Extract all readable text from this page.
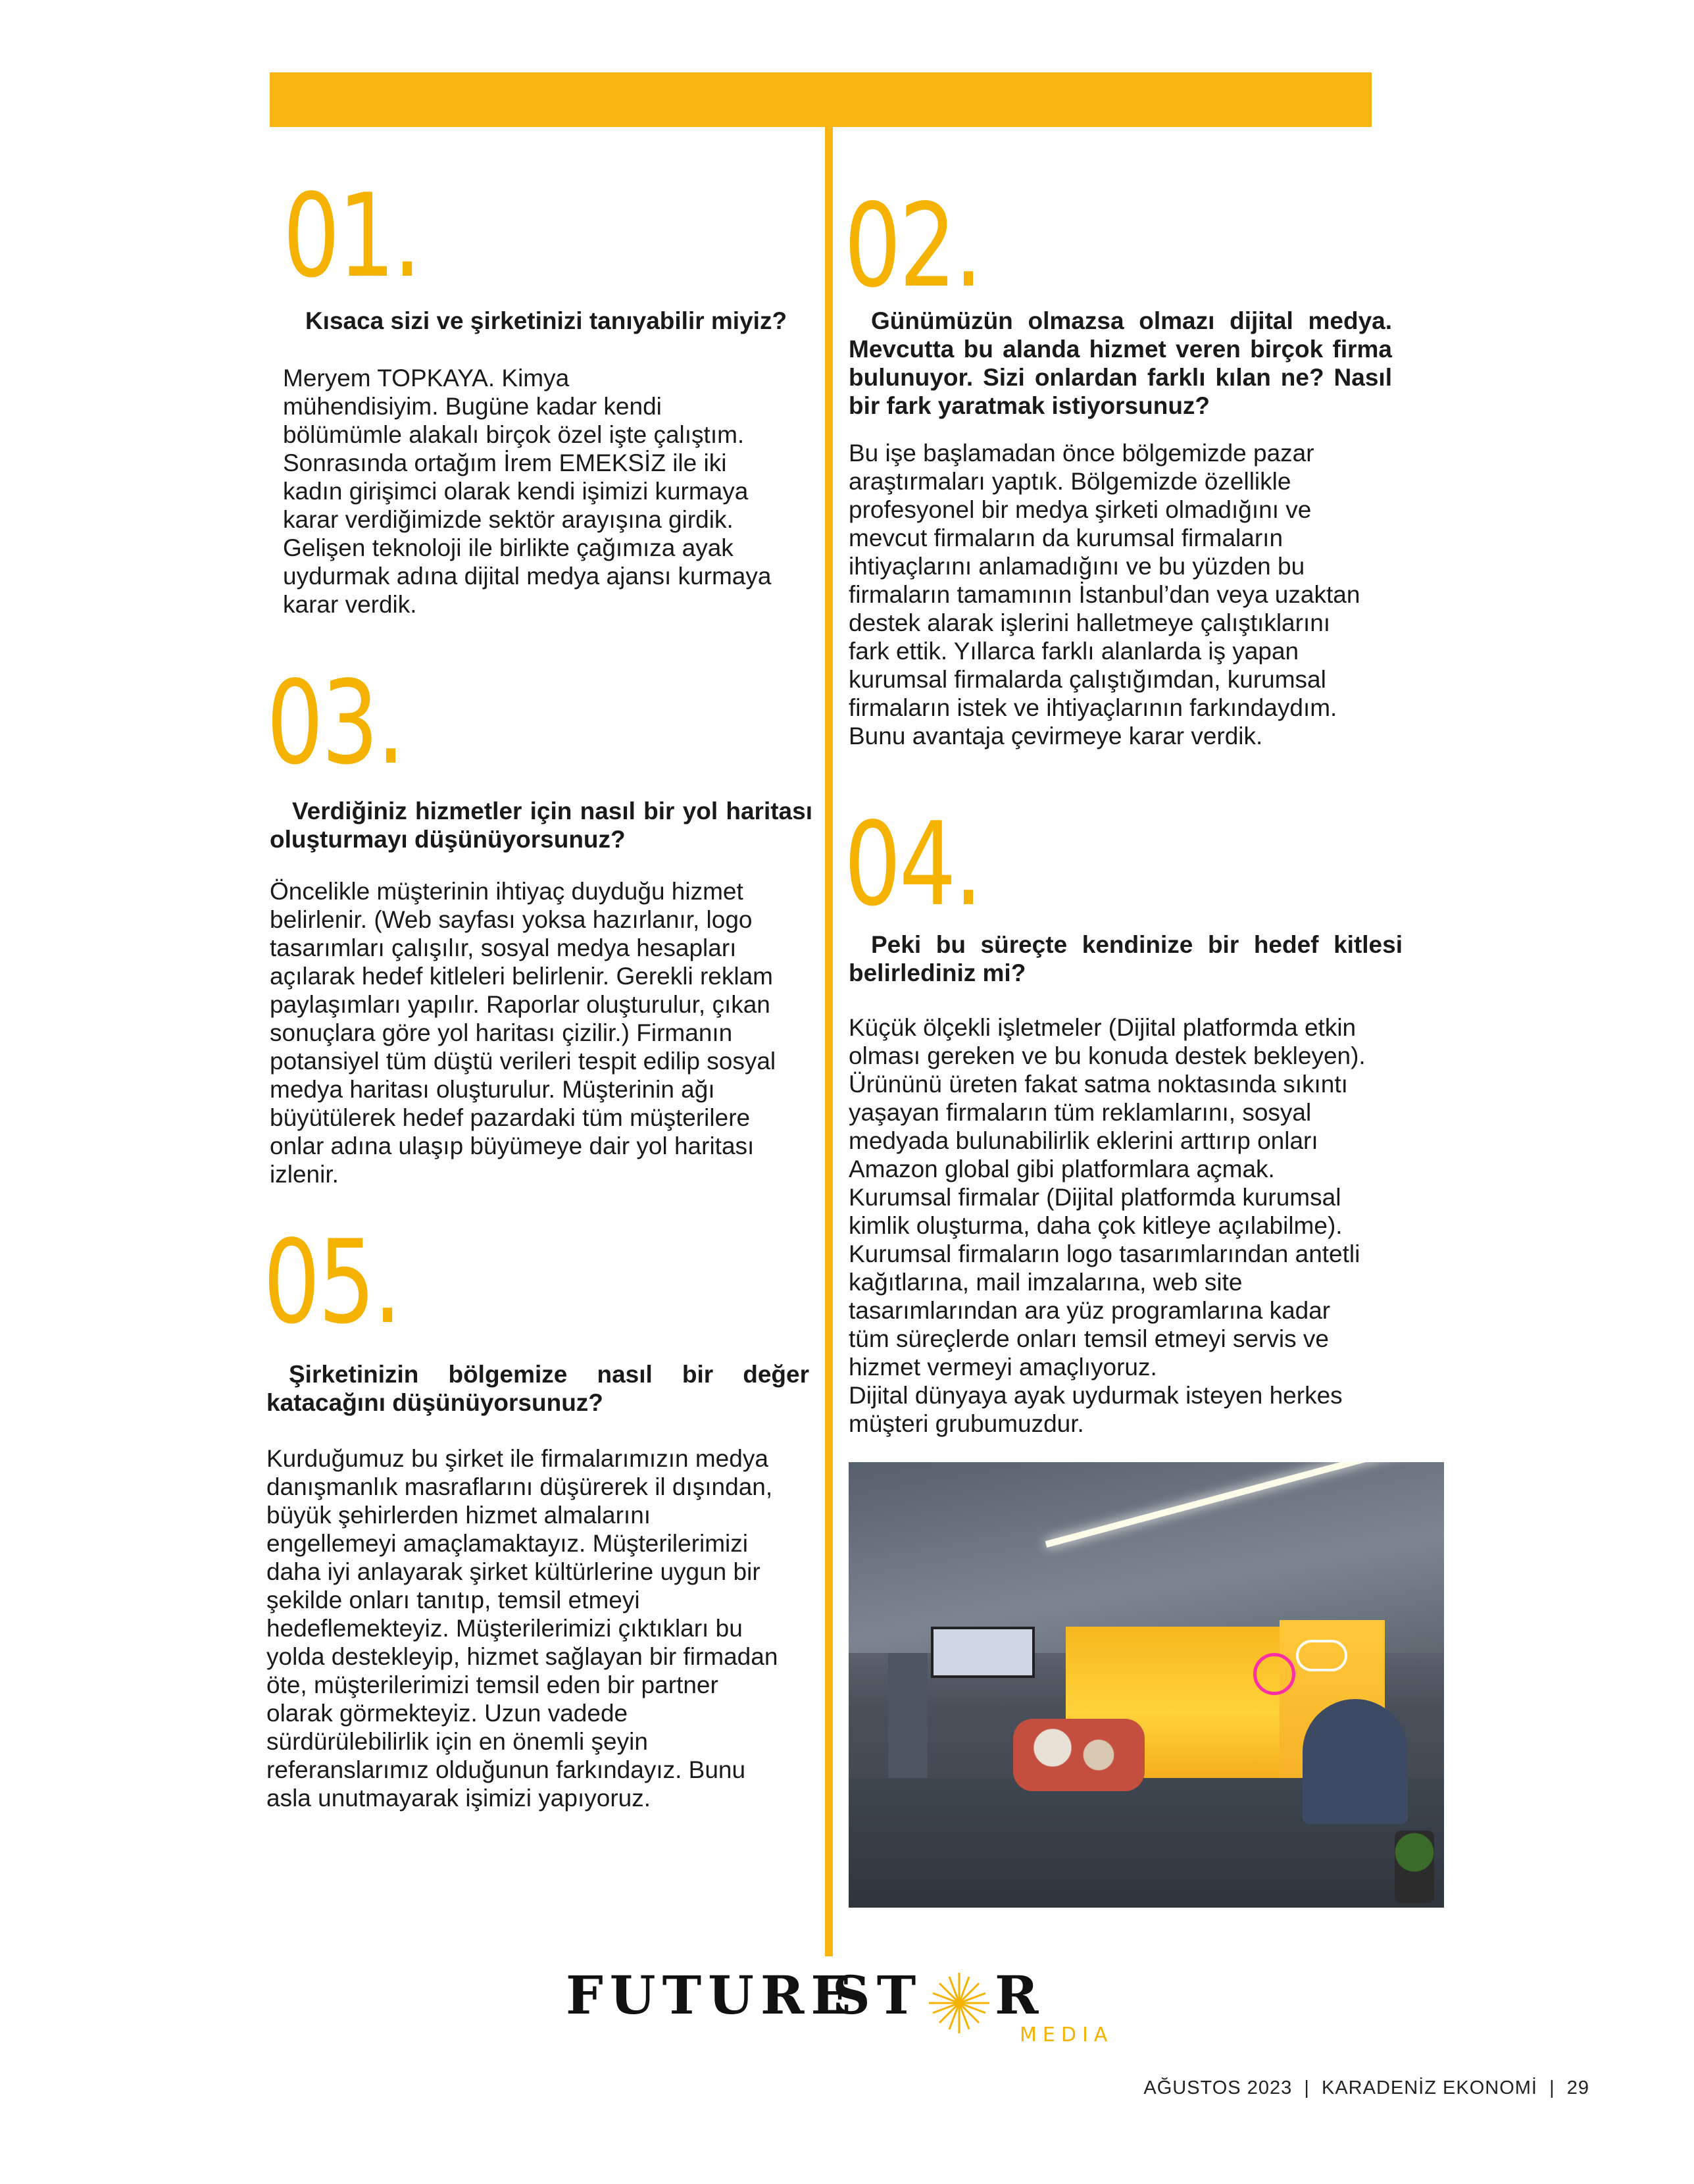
01.

Kısaca sizi ve şirketinizi tanıyabilir miyiz?

Meryem TOPKAYA. Kimya
mühendisiyim. Bugüne kadar kendi
bölümümle alakalı birçok özel işte çalıştım.
Sonrasında ortağım İrem EMEKSİZ ile iki
kadın girişimci olarak kendi işimizi kurmaya
karar verdiğimizde sektör arayışına girdik.
Gelişen teknoloji ile birlikte çağımıza ayak
uydurmak adına dijital medya ajansı kurmaya
karar verdik.

02.

Günümüzün olmazsa olmazı dijital medya. Mevcutta bu alanda hizmet veren birçok firma bulunuyor. Sizi onlardan farklı kılan ne? Nasıl bir fark yaratmak istiyorsunuz?

Bu işe başlamadan önce bölgemizde pazar
araştırmaları yaptık. Bölgemizde özellikle
profesyonel bir medya şirketi olmadığını ve
mevcut firmaların da kurumsal firmaların
ihtiyaçlarını anlamadığını ve bu yüzden bu
firmaların tamamının İstanbul’dan veya uzaktan
destek alarak işlerini halletmeye çalıştıklarını
fark ettik. Yıllarca farklı alanlarda iş yapan
kurumsal firmalarda çalıştığımdan, kurumsal
firmaların istek ve ihtiyaçlarının farkındaydım.
Bunu avantaja çevirmeye karar verdik.

03.

Verdiğiniz hizmetler için nasıl bir yol haritası oluşturmayı düşünüyorsunuz?

Öncelikle müşterinin ihtiyaç duyduğu hizmet
belirlenir. (Web sayfası yoksa hazırlanır, logo
tasarımları çalışılır, sosyal medya hesapları
açılarak hedef kitleleri belirlenir. Gerekli reklam
paylaşımları yapılır. Raporlar oluşturulur, çıkan
sonuçlara göre yol haritası çizilir.) Firmanın
potansiyel tüm düştü verileri tespit edilip sosyal
medya haritası oluşturulur. Müşterinin ağı
büyütülerek hedef pazardaki tüm müşterilere
onlar adına ulaşıp büyümeye dair yol haritası
izlenir.

04.

Peki bu süreçte kendinize bir hedef kitlesi belirlediniz mi?

Küçük ölçekli işletmeler (Dijital platformda etkin
olması gereken ve bu konuda destek bekleyen).
Ürününü üreten fakat satma noktasında sıkıntı
yaşayan firmaların tüm reklamlarını, sosyal
medyada bulunabilirlik eklerini arttırıp onları
Amazon global gibi platformlara açmak.
Kurumsal firmalar (Dijital platformda kurumsal
kimlik oluşturma, daha çok kitleye açılabilme).
Kurumsal firmaların logo tasarımlarından antetli
kağıtlarına, mail imzalarına, web site
tasarımlarından ara yüz programlarına kadar
tüm süreçlerde onları temsil etmeyi servis ve
hizmet vermeyi amaçlıyoruz.
Dijital dünyaya ayak uydurmak isteyen herkes
müşteri grubumuzdur.

05.

Şirketinizin bölgemize nasıl bir değer katacağını düşünüyorsunuz?

Kurduğumuz bu şirket ile firmalarımızın medya
danışmanlık masraflarını düşürerek il dışından,
büyük şehirlerden hizmet almalarını
engellemeyi amaçlamaktayız. Müşterilerimizi
daha iyi anlayarak şirket kültürlerine uygun bir
şekilde onları tanıtıp, temsil etmeyi
hedeflemekteyiz. Müşterilerimizi çıktıkları bu
yolda destekleyip, hizmet sağlayan bir firmadan
öte, müşterilerimizi temsil eden bir partner
olarak görmekteyiz. Uzun vadede
sürdürülebilirlik için en önemli şeyin
referanslarımız olduğunun farkındayız. Bunu
asla unutmayarak işimizi yapıyoruz.

FUTURE
ST R
MEDIA
AĞUSTOS 2023  |  KARADENİZ EKONOMİ  |  29
